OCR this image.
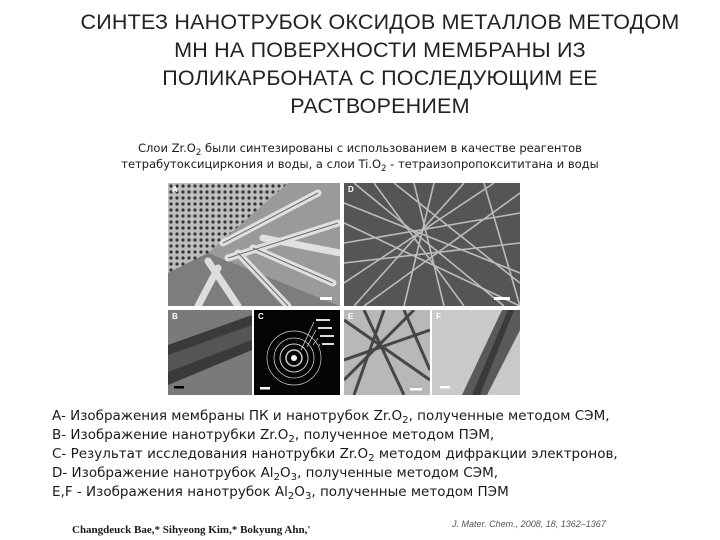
СИНТЕЗ НАНОТРУБОК ОКСИДОВ МЕТАЛЛОВ МЕТОДОМ
МН НА ПОВЕРХНОСТИ МЕМБРАНЫ ИЗ
ПОЛИКАРБОНАТА С ПОСЛЕДУЮЩИМ ЕЕ
РАСТВОРЕНИЕМ
Слои $Zr.O_2$ были синтезированы с использованием в качестве реагентов
тетрабутоксициркония и воды, а слои $Ti.O_2$ - тетраизопропоксититана и воды
A	D
B	C	E	F
A- Изображения мембраны ПК и нанотрубок $Zr.O_2$, полученные методом СЭМ,
B- Изображение нанотрубки $Zr.O_2$, полученное методом ПЭМ,
C- Результат исследования нанотрубки $Zr.O_2$ методом дифракции электронов,
D- Изображение нанотрубок $Al_2O_3$, полученные методом СЭМ,
E,F - Изображения нанотрубок $Al_2O_3$, полученные методом ПЭМ
Changdeuck Bae,* Sihyeong Kim,* Bokyung Ahn,'	J. Mater. Chem., 2008, 18, 1362–1367
